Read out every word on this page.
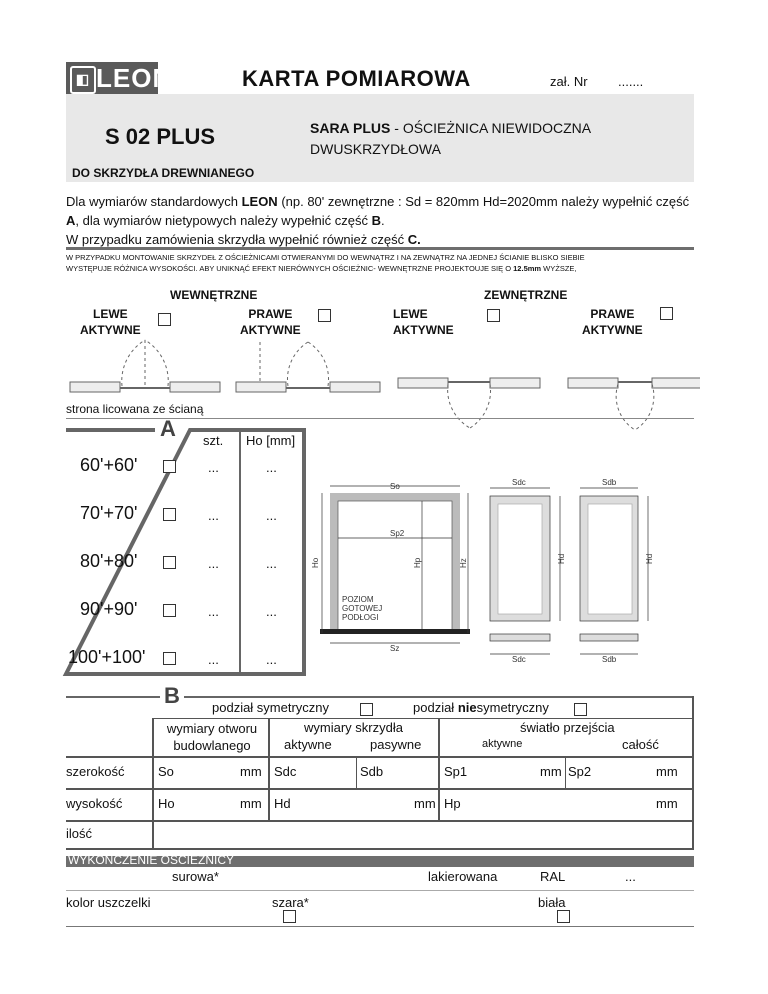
◧ LEON	KARTA POMIAROWA	zał. Nr .......
S 02 PLUS	SARA PLUS - OŚCIEŻNICA NIEWIDOCZNA
DWUSKRZYDŁOWA
DO SKRZYDŁA DREWNIANEGO
Dla wymiarów standardowych LEON (np. 80' zewnętrzne : Sd = 820mm Hd=2020mm należy wypełnić część
A, dla wymiarów nietypowych należy wypełnić część B.
W przypadku zamówienia skrzydła wypełnić również część C.
W PRZYPADKU MONTOWANIE SKRZYDEŁ Z OŚCIEŻNICAMI OTWIERANYMI DO WEWNĄTRZ I NA ZEWNĄTRZ NA JEDNEJ ŚCIANIE BLISKO SIEBIE
WYSTĘPUJE RÓŻNICA WYSOKOŚCI. ABY UNIKNĄĆ EFEKT NIERÓWNYCH OŚCIEŻNIC- WEWNĘTRZNE PROJEKTOUJE SIĘ O 12.5mm WYŻSZE,
WEWNĘTRZNE	ZEWNĘTRZNE
LEWE
AKTYWNE
PRAWE
AKTYWNE
LEWE
AKTYWNE
PRAWE
AKTYWNE
strona licowana ze ścianą
A szt. Ho [mm]
60'+60'	...	...
70'+70'	...	...
80'+80'	...	...
90'+90'	...	...
100'+100'	...	...
So
Sp2
Sz
Ho	Hp	Hz
POZIOM
GOTOWEJ
PODŁOGI
Sdc	Sdb
Hd	Hd
Sdc	Sdb
B	podział symetryczny	podział niesymetryczny
wymiary otworu
budowlanego
wymiary skrzydła
aktywne	pasywne
światło przejścia
aktywne	całość
szerokość	So	mm Sdc	Sdb	Sp1	mm Sp2	mm
wysokość	Ho	mm Hd	mm Hp	mm
ilość
WYKONCZENIE OŚCIEZNICY
surowa*	lakierowana	RAL	...
kolor uszczelki	szara*	biała
